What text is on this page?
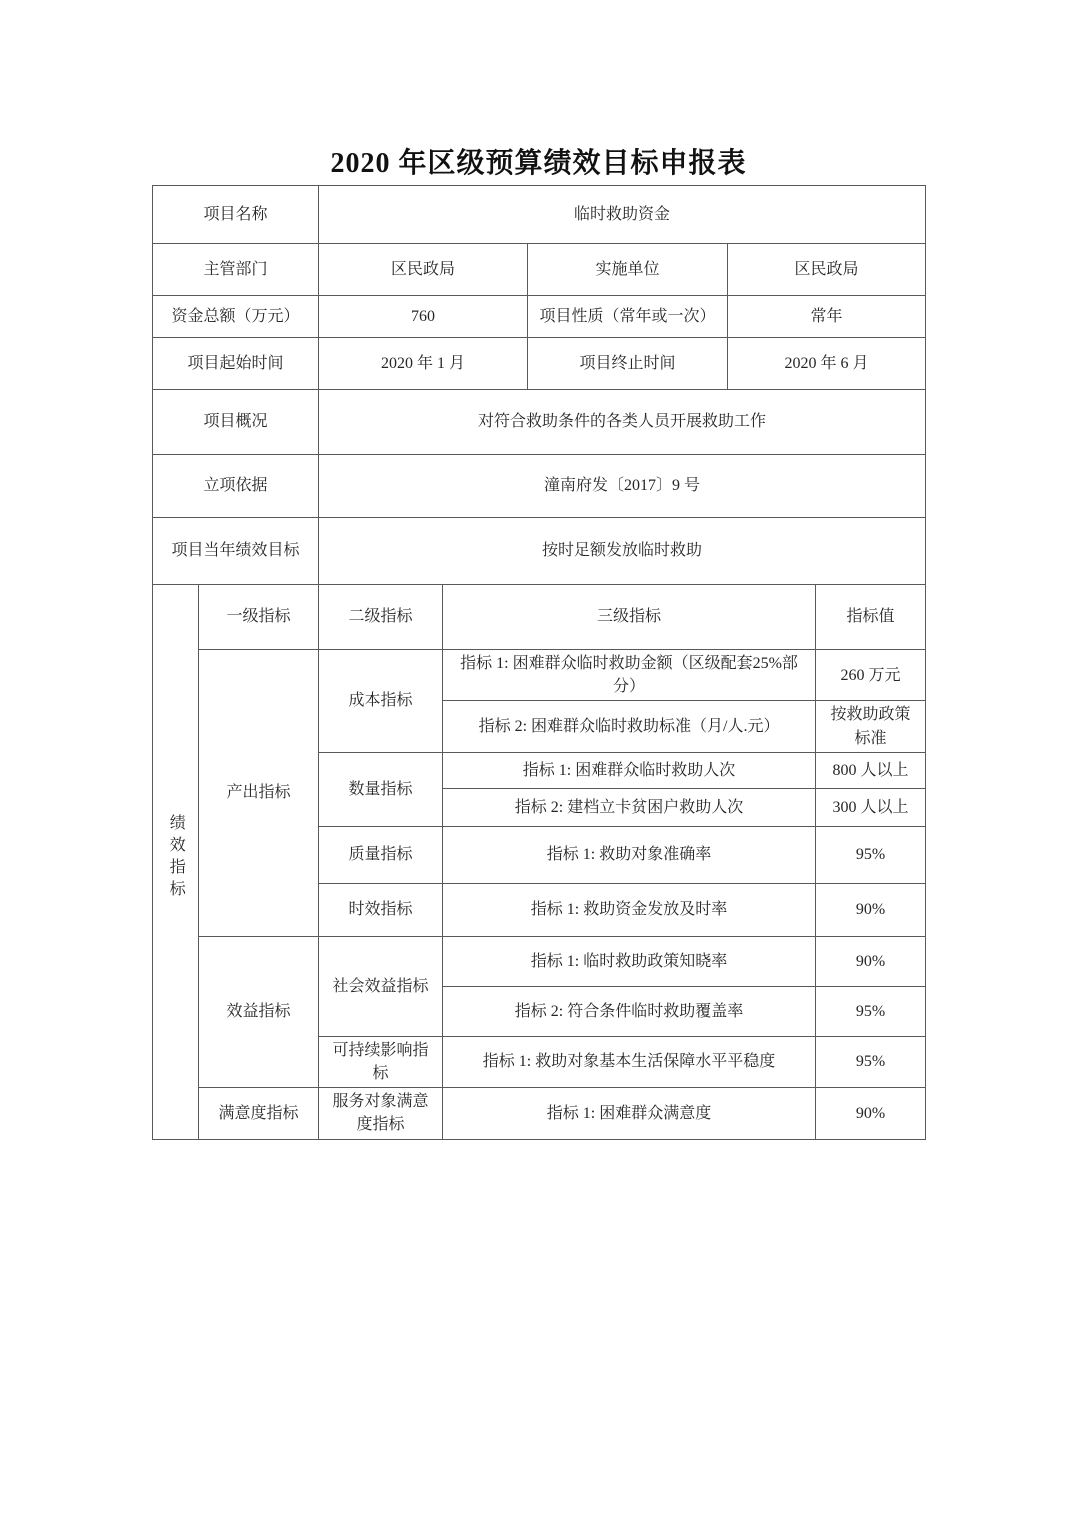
2020 年区级预算绩效目标申报表
项目名称		临时救助资金				
主管部门		区民政局		实施单位	区民政局	
资金总额（万元）		760		项目性质（常年或一次）	常年	
项目起始时间		2020 年 1 月		项目终止时间	2020 年 6 月	
项目概况		对符合救助条件的各类人员开展救助工作				
立项依据		潼南府发〔2017〕9 号				
项目当年绩效目标		按时足额发放临时救助				
绩效指标	一级指标	二级指标	三级指标			指标值
	产出指标	成本指标	指标 1: 困难群众临时救助金额（区级配套25%部分）			260 万元
			指标 2: 困难群众临时救助标准（月/人.元）			按救助政策标准
		数量指标	指标 1: 困难群众临时救助人次			800 人以上
			指标 2: 建档立卡贫困户救助人次			300 人以上
		质量指标	指标 1: 救助对象准确率			95%
		时效指标	指标 1: 救助资金发放及时率			90%
	效益指标	社会效益指标	指标 1: 临时救助政策知晓率			90%
			指标 2: 符合条件临时救助覆盖率			95%
		可持续影响指标	指标 1: 救助对象基本生活保障水平平稳度			95%
	满意度指标	服务对象满意度指标	指标 1: 困难群众满意度			90%
